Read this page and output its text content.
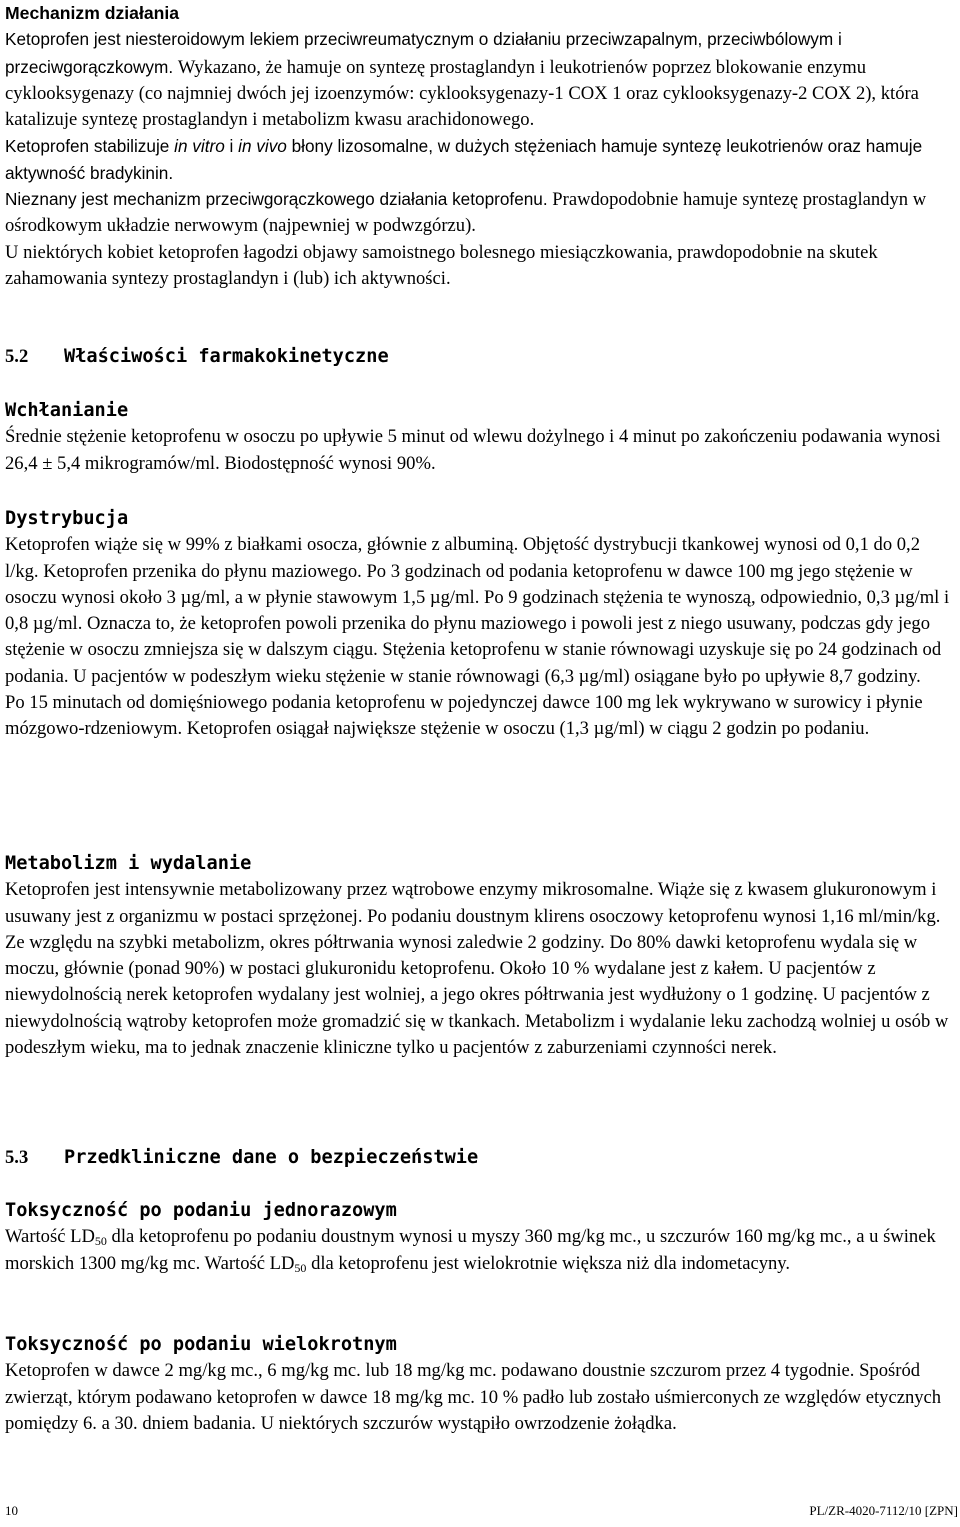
Mechanizm działania

Ketoprofen jest niesteroidowym lekiem przeciwreumatycznym o działaniu przeciwzapalnym, przeciwbólowym i przeciwgorączkowym. Wykazano, że hamuje on syntezę prostaglandyn i leukotrienów poprzez blokowanie enzymu cyklooksygenazy (co najmniej dwóch jej izoenzymów: cyklooksygenazy-1 COX 1 oraz cyklooksygenazy-2 COX 2), która katalizuje syntezę prostaglandyn i metabolizm kwasu arachidonowego.

Ketoprofen stabilizuje in vitro i in vivo błony lizosomalne, w dużych stężeniach hamuje syntezę leukotrienów oraz hamuje aktywność bradykinin.

Nieznany jest mechanizm przeciwgorączkowego działania ketoprofenu. Prawdopodobnie hamuje syntezę prostaglandyn w ośrodkowym układzie nerwowym (najpewniej w podwzgórzu).

U niektórych kobiet ketoprofen łagodzi objawy samoistnego bolesnego miesiączkowania, prawdopodobnie na skutek zahamowania syntezy prostaglandyn i (lub) ich aktywności.

5.2 Właściwości farmakokinetyczne

Wchłanianie

Średnie stężenie ketoprofenu w osoczu po upływie 5 minut od wlewu dożylnego i 4 minut po zakończeniu podawania wynosi 26,4 ± 5,4 mikrogramów/ml. Biodostępność wynosi 90%.

Dystrybucja

Ketoprofen wiąże się w 99% z białkami osocza, głównie z albuminą. Objętość dystrybucji tkankowej wynosi od 0,1 do 0,2 l/kg. Ketoprofen przenika do płynu maziowego. Po 3 godzinach od podania ketoprofenu w dawce 100 mg jego stężenie w osoczu wynosi około 3 µg/ml, a w płynie stawowym 1,5 µg/ml. Po 9 godzinach stężenia te wynoszą, odpowiednio, 0,3 µg/ml i 0,8 µg/ml. Oznacza to, że ketoprofen powoli przenika do płynu maziowego i powoli jest z niego usuwany, podczas gdy jego stężenie w osoczu zmniejsza się w dalszym ciągu. Stężenia ketoprofenu w stanie równowagi uzyskuje się po 24 godzinach od podania. U pacjentów w podeszłym wieku stężenie w stanie równowagi (6,3 µg/ml) osiągane było po upływie 8,7 godziny.

Po 15 minutach od domięśniowego podania ketoprofenu w pojedynczej dawce 100 mg lek wykrywano w surowicy i płynie mózgowo-rdzeniowym. Ketoprofen osiągał największe stężenie w osoczu (1,3 µg/ml) w ciągu 2 godzin po podaniu.

Metabolizm i wydalanie

Ketoprofen jest intensywnie metabolizowany przez wątrobowe enzymy mikrosomalne. Wiąże się z kwasem glukuronowym i usuwany jest z organizmu w postaci sprzężonej. Po podaniu doustnym klirens osoczowy ketoprofenu wynosi 1,16 ml/min/kg. Ze względu na szybki metabolizm, okres półtrwania wynosi zaledwie 2 godziny. Do 80% dawki ketoprofenu wydala się w moczu, głównie (ponad 90%) w postaci glukuronidu ketoprofenu. Około 10 % wydalane jest z kałem. U pacjentów z niewydolnością nerek ketoprofen wydalany jest wolniej, a jego okres półtrwania jest wydłużony o 1 godzinę. U pacjentów z niewydolnością wątroby ketoprofen może gromadzić się w tkankach. Metabolizm i wydalanie leku zachodzą wolniej u osób w podeszłym wieku, ma to jednak znaczenie kliniczne tylko u pacjentów z zaburzeniami czynności nerek.

5.3 Przedkliniczne dane o bezpieczeństwie

Toksyczność po podaniu jednorazowym

Wartość $LD_{50}$ dla ketoprofenu po podaniu doustnym wynosi u myszy 360 mg/kg mc., u szczurów 160 mg/kg mc., a u świnek morskich 1300 mg/kg mc. Wartość $LD_{50}$ dla ketoprofenu jest wielokrotnie większa niż dla indometacyny.

Toksyczność po podaniu wielokrotnym

Ketoprofen w dawce 2 mg/kg mc., 6 mg/kg mc. lub 18 mg/kg mc. podawano doustnie szczurom przez 4 tygodnie. Spośród zwierząt, którym podawano ketoprofen w dawce 18 mg/kg mc. 10 % padło lub zostało uśmierconych ze względów etycznych pomiędzy 6. a 30. dniem badania. U niektórych szczurów wystąpiło owrzodzenie żołądka.

10	PL/ZR-4020-7112/10 [ZPN]
